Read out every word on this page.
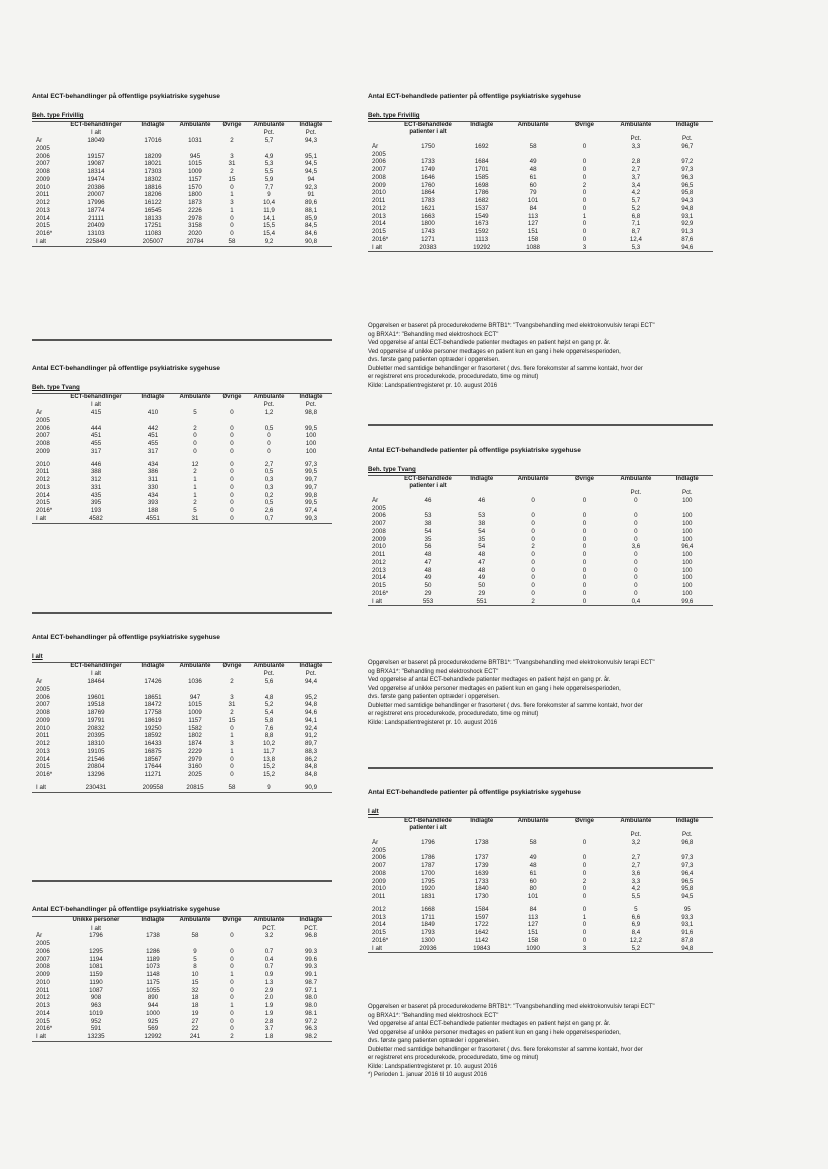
Antal ECT-behandlinger på offentlige psykiatriske sygehuse
Beh. type Frivillig
	ECT-behandlinger	Indlagte	Ambulante	Øvrige	Ambulante	Indlagte
	I alt				Pct.	Pct.
År	18049	17016	1031	2	5,7	94,3
2005						
2006	19157	18209	945	3	4,9	95,1
2007	19087	18021	1015	31	5,3	94,5
2008	18314	17303	1009	2	5,5	94,5
2009	19474	18302	1157	15	5,9	94
2010	20386	18816	1570	0	7,7	92,3
2011	20007	18206	1800	1	9	91
2012	17996	16122	1873	3	10,4	89,6
2013	18774	16545	2226	1	11,9	88,1
2014	21111	18133	2978	0	14,1	85,9
2015	20409	17251	3158	0	15,5	84,5
2016*	13103	11083	2020	0	15,4	84,6
I alt	225849	205007	20784	58	9,2	90,8
Antal ECT-behandlinger på offentlige psykiatriske sygehuse
Beh. type Tvang
	ECT-behandlinger	Indlagte	Ambulante	Øvrige	Ambulante	Indlagte
	I alt				Pct.	Pct.
År	415	410	5	0	1,2	98,8
2005						
2006	444	442	2	0	0,5	99,5
2007	451	451	0	0	0	100
2008	455	455	0	0	0	100
2009	317	317	0	0	0	100
2010	446	434	12	0	2,7	97,3
2011	388	386	2	0	0,5	99,5
2012	312	311	1	0	0,3	99,7
2013	331	330	1	0	0,3	99,7
2014	435	434	1	0	0,2	99,8
2015	395	393	2	0	0,5	99,5
2016*	193	188	5	0	2,6	97,4
I alt	4582	4551	31	0	0,7	99,3
Antal ECT-behandlinger på offentlige psykiatriske sygehuse
I alt
	ECT-behandlinger	Indlagte	Ambulante	Øvrige	Ambulante	Indlagte
	I alt				Pct.	Pct.
År	18464	17426	1036	2	5,6	94,4
2005						
2006	19601	18651	947	3	4,8	95,2
2007	19518	18472	1015	31	5,2	94,8
2008	18769	17758	1009	2	5,4	94,6
2009	19791	18619	1157	15	5,8	94,1
2010	20832	19250	1582	0	7,6	92,4
2011	20395	18592	1802	1	8,8	91,2
2012	18310	16433	1874	3	10,2	89,7
2013	19105	16875	2229	1	11,7	88,3
2014	21546	18567	2979	0	13,8	86,2
2015	20804	17644	3160	0	15,2	84,8
2016*	13296	11271	2025	0	15,2	84,8
I alt	230431	209558	20815	58	9	90,9
Antal ECT-behandlinger på offentlige psykiatriske sygehuse
	Unikke personer	Indlagte	Ambulante	Øvrige	Ambulante	Indlagte
	I alt				PCT.	PCT.
År	1796	1738	58	0	3.2	96.8
2005						
2006	1295	1286	9	0	0.7	99.3
2007	1194	1189	5	0	0.4	99.6
2008	1081	1073	8	0	0.7	99.3
2009	1159	1148	10	1	0.9	99.1
2010	1190	1175	15	0	1.3	98.7
2011	1087	1055	32	0	2.9	97.1
2012	908	890	18	0	2.0	98.0
2013	963	944	18	1	1.9	98.0
2014	1019	1000	19	0	1.9	98.1
2015	952	925	27	0	2.8	97.2
2016*	591	569	22	0	3.7	96.3
I alt	13235	12992	241	2	1.8	98.2
Antal ECT-behandlede patienter på offentlige psykiatriske sygehuse
Beh. type Frivillig
	ECT-Behandlede patienter i alt	Indlagte	Ambulante	Øvrige	Ambulante	Indlagte
					Pct.	Pct.
År	1750	1692	58	0	3,3	96,7
2005						
2006	1733	1684	49	0	2,8	97,2
2007	1749	1701	48	0	2,7	97,3
2008	1646	1585	61	0	3,7	96,3
2009	1760	1698	60	2	3,4	96,5
2010	1864	1786	79	0	4,2	95,8
2011	1783	1682	101	0	5,7	94,3
2012	1621	1537	84	0	5,2	94,8
2013	1663	1549	113	1	6,8	93,1
2014	1800	1673	127	0	7,1	92,9
2015	1743	1592	151	0	8,7	91,3
2016*	1271	1113	158	0	12,4	87,6
I alt	20383	19292	1088	3	5,3	94,6

Opgørelsen er baseret på procedurekoderne BRTB1*: "Tvangsbehandling med elektrokonvulsiv terapi ECT"

og BRXA1*: "Behandling med elektroshock ECT"

Ved opgørelse af antal ECT-behandlede patienter medtages en patient højst en gang pr. år.

Ved opgørelse af unikke personer medtages en patient kun en gang i hele opgørelsesperioden,

dvs. første gang patienten optræder i opgørelsen.

Dubletter med samtidige behandlinger er frasorteret ( dvs. flere forekomster af samme kontakt, hvor der

er registreret ens procedurekode, proceduredato, time og minut)

Kilde: Landspatientregisteret pr. 10. august 2016

Antal ECT-behandlede patienter på offentlige psykiatriske sygehuse
Beh. type Tvang
	ECT-Behandlede patienter i alt	Indlagte	Ambulante	Øvrige	Ambulante	Indlagte
					Pct.	Pct.
År	46	46	0	0	0	100
2005						
2006	53	53	0	0	0	100
2007	38	38	0	0	0	100
2008	54	54	0	0	0	100
2009	35	35	0	0	0	100
2010	56	54	2	0	3,6	96,4
2011	48	48	0	0	0	100
2012	47	47	0	0	0	100
2013	48	48	0	0	0	100
2014	49	49	0	0	0	100
2015	50	50	0	0	0	100
2016*	29	29	0	0	0	100
I alt	553	551	2	0	0,4	99,6

Opgørelsen er baseret på procedurekoderne BRTB1*: "Tvangsbehandling med elektrokonvulsiv terapi ECT"

og BRXA1*: "Behandling med elektroshock ECT"

Ved opgørelse af antal ECT-behandlede patienter medtages en patient højst en gang pr. år.

Ved opgørelse af unikke personer medtages en patient kun en gang i hele opgørelsesperioden,

dvs. første gang patienten optræder i opgørelsen.

Dubletter med samtidige behandlinger er frasorteret ( dvs. flere forekomster af samme kontakt, hvor der

er registreret ens procedurekode, proceduredato, time og minut)

Kilde: Landspatientregisteret pr. 10. august 2016

Antal ECT-behandlede patienter på offentlige psykiatriske sygehuse
I alt
	ECT-Behandlede patienter i alt	Indlagte	Ambulante	Øvrige	Ambulante	Indlagte
					Pct.	Pct.
År	1796	1738	58	0	3,2	96,8
2005						
2006	1786	1737	49	0	2,7	97,3
2007	1787	1739	48	0	2,7	97,3
2008	1700	1639	61	0	3,6	96,4
2009	1795	1733	60	2	3,3	96,5
2010	1920	1840	80	0	4,2	95,8
2011	1831	1730	101	0	5,5	94,5
2012	1668	1584	84	0	5	95
2013	1711	1597	113	1	6,6	93,3
2014	1849	1722	127	0	6,9	93,1
2015	1793	1642	151	0	8,4	91,6
2016*	1300	1142	158	0	12,2	87,8
I alt	20936	19843	1090	3	5,2	94,8

Opgørelsen er baseret på procedurekoderne BRTB1*: "Tvangsbehandling med elektrokonvulsiv terapi ECT"

og BRXA1*: "Behandling med elektroshock ECT"

Ved opgørelse af antal ECT-behandlede patienter medtages en patient højst en gang pr. år.

Ved opgørelse af unikke personer medtages en patient kun en gang i hele opgørelsesperioden,

dvs. første gang patienten optræder i opgørelsen.

Dubletter med samtidige behandlinger er frasorteret ( dvs. flere forekomster af samme kontakt, hvor der

er registreret ens procedurekode, proceduredato, time og minut)

Kilde: Landspatientregisteret pr. 10. august 2016

*) Perioden 1. januar 2016 til 10 august 2016
